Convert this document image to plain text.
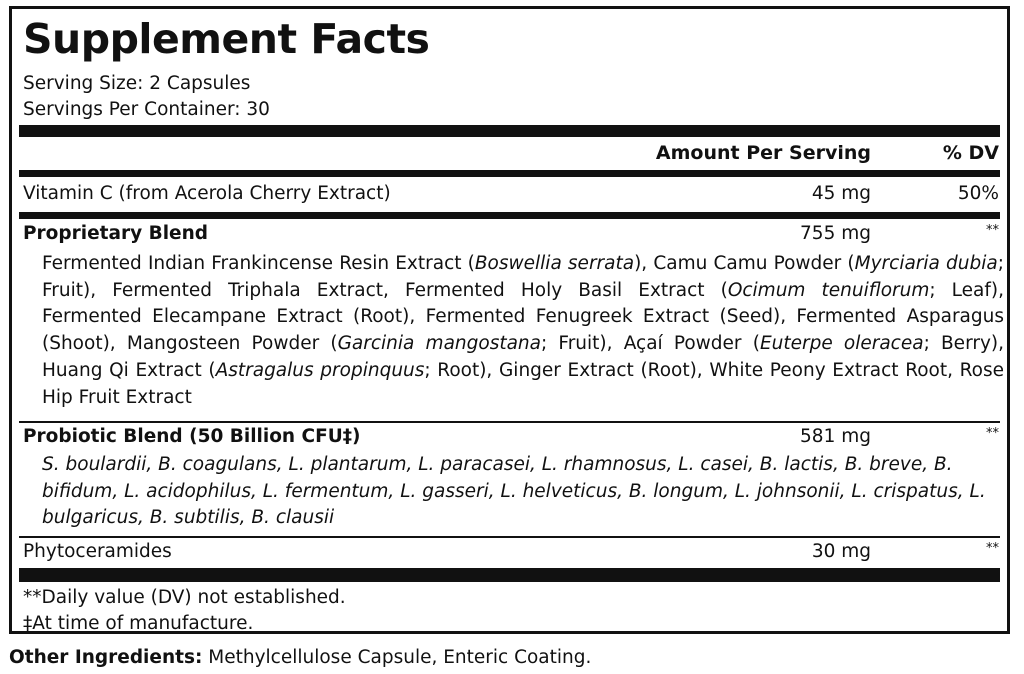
Supplement Facts
Serving Size: 2 Capsules
Servings Per Container: 30
Amount Per Serving	% DV
Vitamin C (from Acerola Cherry Extract)	45 mg	50%
Proprietary Blend	755 mg	**
Fermented Indian Frankincense Resin Extract (Boswellia serrata), Camu Camu Powder (Myrciaria dubia; Fruit), Fermented Triphala Extract, Fermented Holy Basil Extract (Ocimum tenuiflorum; Leaf), Fermented Elecampane Extract (Root), Fermented Fenugreek Extract (Seed), Fermented Asparagus (Shoot), Mangosteen Powder (Garcinia mangostana; Fruit), Açaí Powder (Euterpe oleracea; Berry), Huang Qi Extract (Astragalus propinquus; Root), Ginger Extract (Root), White Peony Extract Root, Rose Hip Fruit Extract
Probiotic Blend (50 Billion CFU‡)	581 mg	**
S. boulardii, B. coagulans, L. plantarum, L. paracasei, L. rhamnosus, L. casei, B. lactis, B. breve, B. bifidum, L. acidophilus, L. fermentum, L. gasseri, L. helveticus, B. longum, L. johnsonii, L. crispatus, L. bulgaricus, B. subtilis, B. clausii
Phytoceramides	30 mg	**
**Daily value (DV) not established.
‡At time of manufacture.
Other Ingredients: Methylcellulose Capsule, Enteric Coating.
